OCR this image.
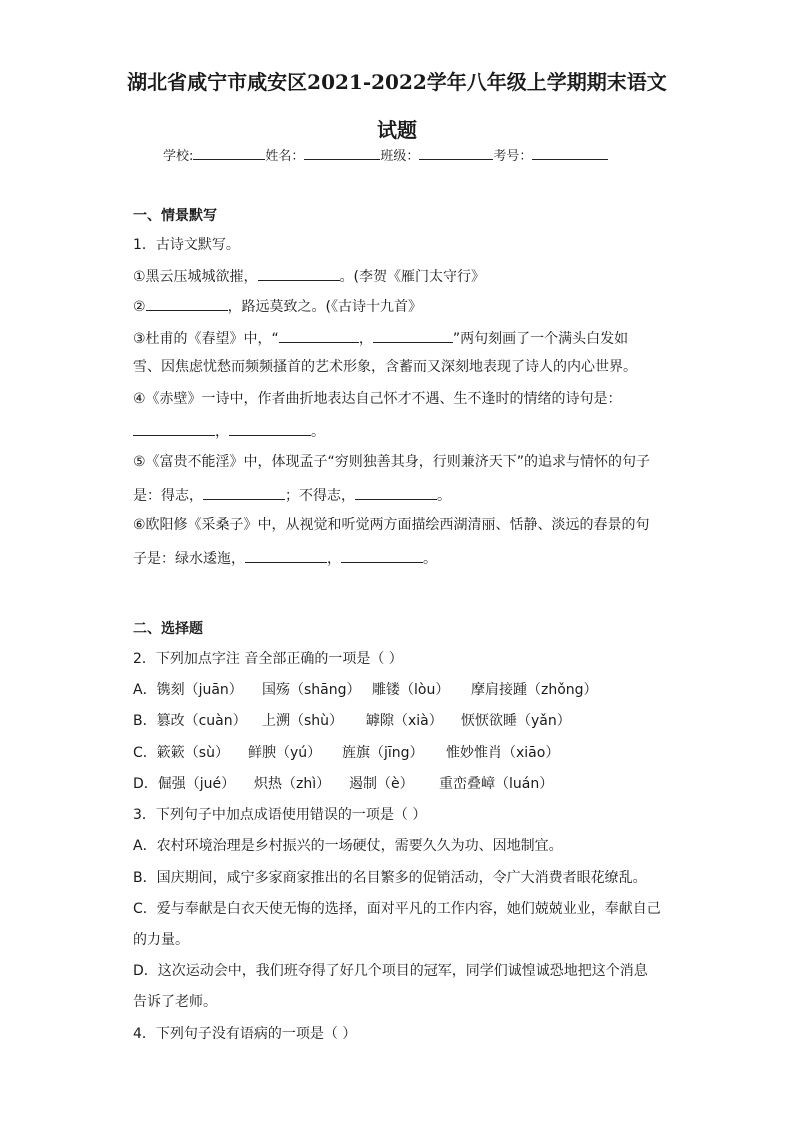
湖北省咸宁市咸安区2021-2022学年八年级上学期期末语文
试题
学校:	姓名：	班级：	考号：
一、情景默写
1．古诗文默写。
①黑云压城城欲摧，	。(李贺《雁门太守行》
②	，路远莫致之。(《古诗十九首》
③杜甫的《春望》中，“	，	”两句刻画了一个满头白发如
雪、因焦虑忧愁而频频搔首的艺术形象，含蓄而又深刻地表现了诗人的内心世界。
④《赤壁》一诗中，作者曲折地表达自己怀才不遇、生不逢时的情绪的诗句是：
，	。
⑤《富贵不能淫》中，体现孟子“穷则独善其身，行则兼济天下”的追求与情怀的句子
是：得志，	；不得志，	。
⑥欧阳修《采桑子》中，从视觉和听觉两方面描绘西湖清丽、恬静、淡远的春景的句
子是：绿水逶迤，	，	。
二、选择题
2．下列加点字注 音全部正确的一项是（ ）
A．镌刻（juān） 国殇（shāng） 雕镂（lòu） 摩肩接踵（zhǒng）
B．篡改（cuàn） 上溯（shù） 罅隙（xià） 恹恹欲睡（yǎn）
C．簌簌（sù） 鲜腴（yú） 旌旗（jīng） 惟妙惟肖（xiāo）
D．倔强（jué） 炽热（zhì） 遏制（è） 重峦叠嶂（luán）
3．下列句子中加点成语使用错误的一项是（ ）
A．农村环境治理是乡村振兴的一场硬仗，需要久久为功、因地制宜。
B．国庆期间，咸宁多家商家推出的名目繁多的促销活动，令广大消费者眼花缭乱。
C．爱与奉献是白衣天使无悔的选择，面对平凡的工作内容，她们兢兢业业，奉献自己
的力量。
D．这次运动会中，我们班夺得了好几个项目的冠军，同学们诚惶诚恐地把这个消息
告诉了老师。
4．下列句子没有语病的一项是（ ）
